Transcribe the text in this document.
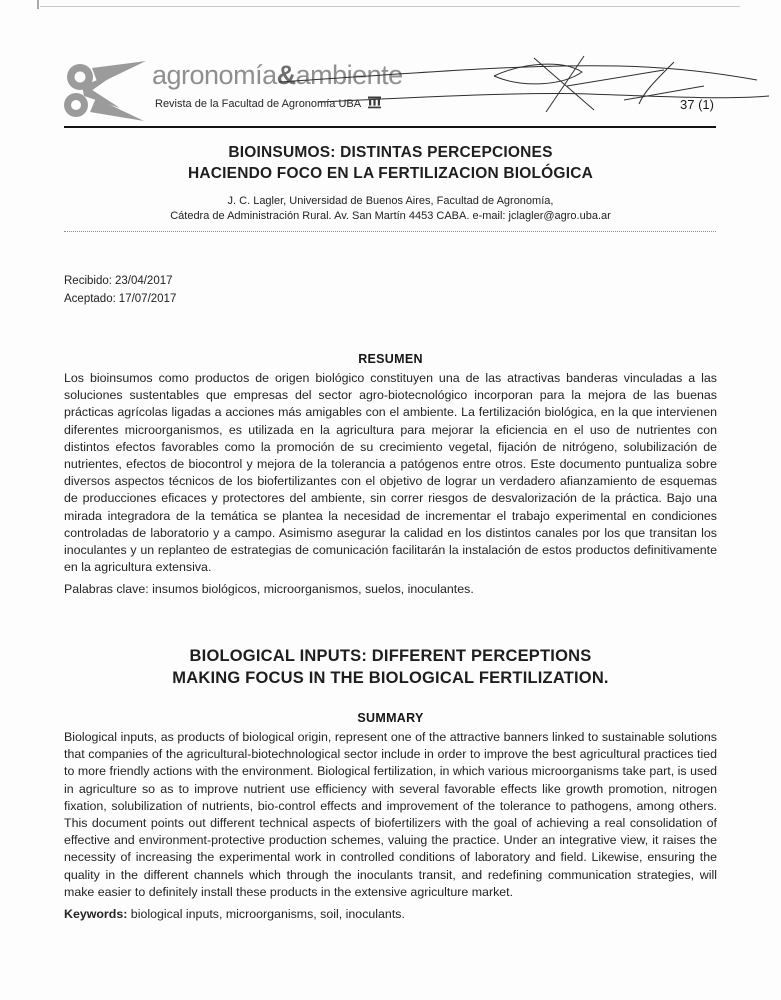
agronomía&ambiente
Revista de la Facultad de Agronomía UBA	37 (1)
BIOINSUMOS: DISTINTAS PERCEPCIONES
HACIENDO FOCO EN LA FERTILIZACION BIOLÓGICA
J. C. Lagler, Universidad de Buenos Aires, Facultad de Agronomía,
Cátedra de Administración Rural. Av. San Martín 4453 CABA. e-mail: jclagler@agro.uba.ar
Recibido: 23/04/2017
Aceptado: 17/07/2017
RESUMEN

Los bioinsumos como productos de origen biológico constituyen una de las atractivas banderas vinculadas a las soluciones sustentables que empresas del sector agro-biotecnológico incorporan para la mejora de las buenas prácticas agrícolas ligadas a acciones más amigables con el ambiente. La fertilización biológica, en la que intervienen diferentes microorganismos, es utilizada en la agricultura para mejorar la eficiencia en el uso de nutrientes con distintos efectos favorables como la promoción de su crecimiento vegetal, fijación de nitrógeno, solubilización de nutrientes, efectos de biocontrol y mejora de la tolerancia a patógenos entre otros. Este documento puntualiza sobre diversos aspectos técnicos de los biofertilizantes con el objetivo de lograr un verdadero afianzamiento de esquemas de producciones eficaces y protectores del ambiente, sin correr riesgos de desvalorización de la práctica. Bajo una mirada integradora de la temática se plantea la necesidad de incrementar el trabajo experimental en condiciones controladas de laboratorio y a campo. Asimismo asegurar la calidad en los distintos canales por los que transitan los inoculantes y un replanteo de estrategias de comunicación facilitarán la instalación de estos productos definitivamente en la agricultura extensiva.

Palabras clave: insumos biológicos, microorganismos, suelos, inoculantes.
BIOLOGICAL INPUTS: DIFFERENT PERCEPTIONS
MAKING FOCUS IN THE BIOLOGICAL FERTILIZATION.
SUMMARY

Biological inputs, as products of biological origin, represent one of the attractive banners linked to sustainable solutions that companies of the agricultural-biotechnological sector include in order to improve the best agricultural practices tied to more friendly actions with the environment. Biological fertilization, in which various microorganisms take part, is used in agriculture so as to improve nutrient use efficiency with several favorable effects like growth promotion, nitrogen fixation, solubilization of nutrients, bio-control effects and improvement of the tolerance to pathogens, among others. This document points out different technical aspects of biofertilizers with the goal of achieving a real consolidation of effective and environment-protective production schemes, valuing the practice. Under an integrative view, it raises the necessity of increasing the experimental work in controlled conditions of laboratory and field. Likewise, ensuring the quality in the different channels which through the inoculants transit, and redefining communication strategies, will make easier to definitely install these products in the extensive agriculture market.

Keywords: biological inputs, microorganisms, soil, inoculants.
